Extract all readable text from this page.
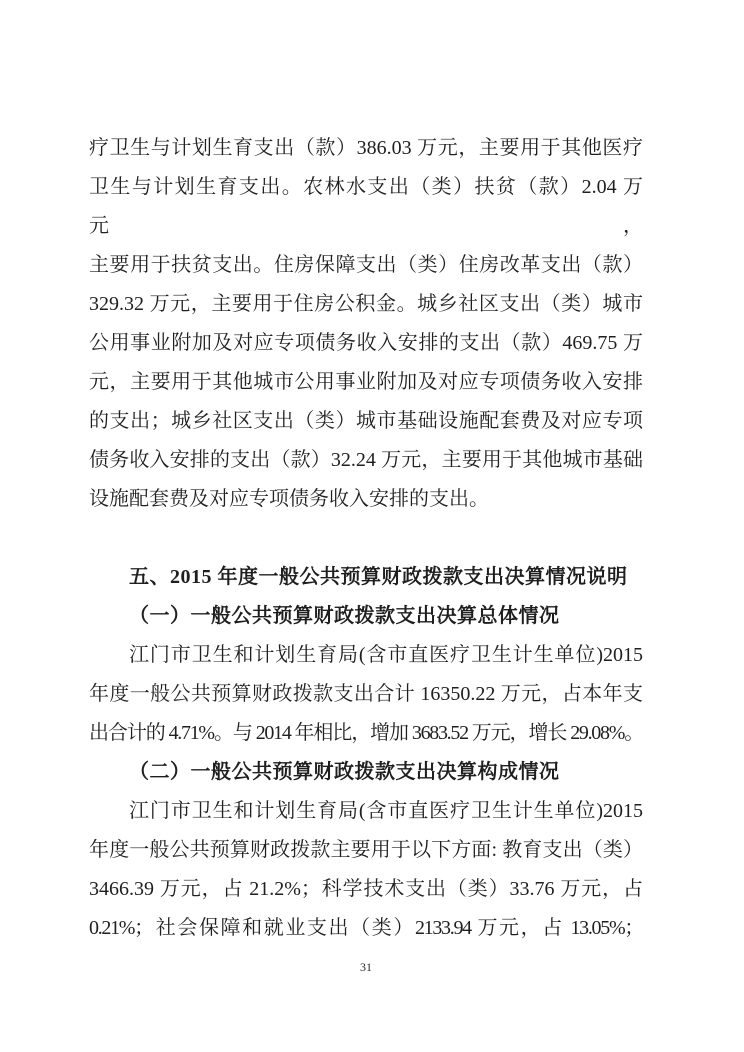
疗卫生与计划生育支出（款）386.03 万元，主要用于其他医疗
卫生与计划生育支出。农林水支出（类）扶贫（款）2.04 万元，
主要用于扶贫支出。住房保障支出（类）住房改革支出（款）
329.32 万元，主要用于住房公积金。城乡社区支出（类）城市
公用事业附加及对应专项债务收入安排的支出（款）469.75 万
元，主要用于其他城市公用事业附加及对应专项债务收入安排
的支出；城乡社区支出（类）城市基础设施配套费及对应专项
债务收入安排的支出（款）32.24 万元，主要用于其他城市基础
设施配套费及对应专项债务收入安排的支出。
五、2015 年度一般公共预算财政拨款支出决算情况说明
（一）一般公共预算财政拨款支出决算总体情况
江门市卫生和计划生育局(含市直医疗卫生计生单位)2015
年度一般公共预算财政拨款支出合计 16350.22 万元，占本年支
出合计的 4.71%。与 2014 年相比，增加 3683.52 万元，增长 29.08%。
（二）一般公共预算财政拨款支出决算构成情况
江门市卫生和计划生育局(含市直医疗卫生计生单位)2015
年度一般公共预算财政拨款主要用于以下方面: 教育支出（类）
3466.39 万元，占 21.2%；科学技术支出（类）33.76 万元，占
0.21%；社会保障和就业支出（类）2133.94 万元，占 13.05%；
31
